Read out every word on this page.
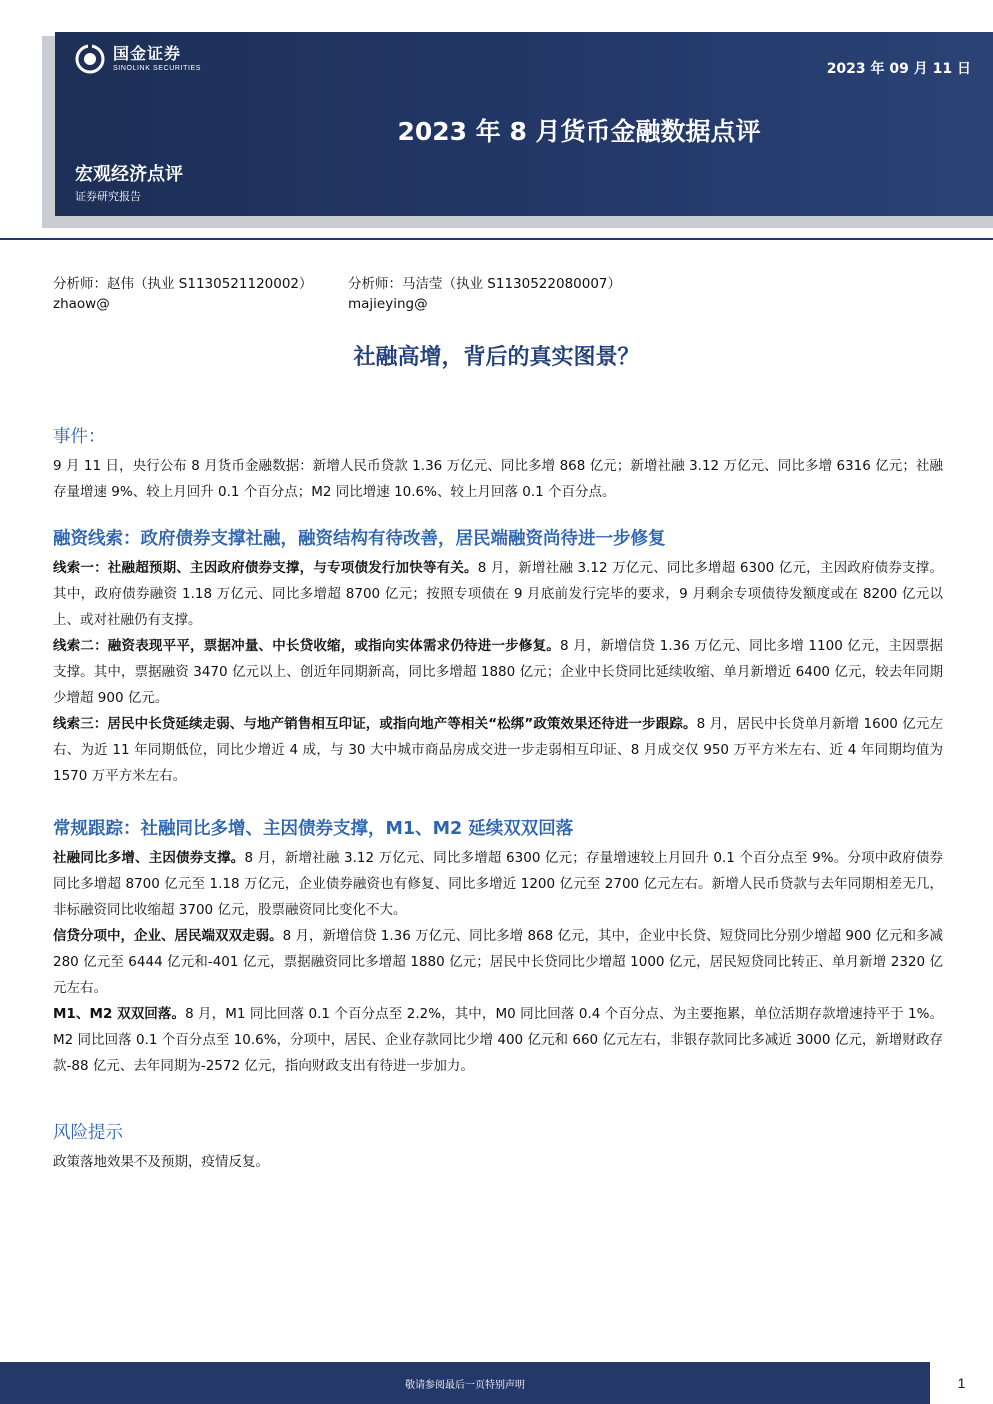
国金证券
SINOLINK SECURITIES	2023 年 09 月 11 日
2023 年 8 月货币金融数据点评
宏观经济点评
证券研究报告
分析师：赵伟（执业 S1130521120002）
zhaow@
分析师：马洁莹（执业 S1130522080007）
majieying@
社融高增，背后的真实图景？
事件：

9 月 11 日，央行公布 8 月货币金融数据：新增人民币贷款 1.36 万亿元、同比多增 868 亿元；新增社融 3.12 万亿元、同比多增 6316 亿元；社融存量增速 9%、较上月回升 0.1 个百分点；M2 同比增速 10.6%、较上月回落 0.1 个百分点。

融资线索：政府债券支撑社融，融资结构有待改善，居民端融资尚待进一步修复

线索一：社融超预期、主因政府债券支撑，与专项债发行加快等有关。8 月，新增社融 3.12 万亿元、同比多增超 6300 亿元，主因政府债券支撑。其中，政府债券融资 1.18 万亿元、同比多增超 8700 亿元；按照专项债在 9 月底前发行完毕的要求，9 月剩余专项债待发额度或在 8200 亿元以上、或对社融仍有支撑。

线索二：融资表现平平，票据冲量、中长贷收缩，或指向实体需求仍待进一步修复。8 月，新增信贷 1.36 万亿元、同比多增 1100 亿元，主因票据支撑。其中，票据融资 3470 亿元以上、创近年同期新高，同比多增超 1880 亿元；企业中长贷同比延续收缩、单月新增近 6400 亿元，较去年同期少增超 900 亿元。

线索三：居民中长贷延续走弱、与地产销售相互印证，或指向地产等相关“松绑”政策效果还待进一步跟踪。8 月，居民中长贷单月新增 1600 亿元左右、为近 11 年同期低位，同比少增近 4 成，与 30 大中城市商品房成交进一步走弱相互印证、8 月成交仅 950 万平方米左右、近 4 年同期均值为 1570 万平方米左右。

常规跟踪：社融同比多增、主因债券支撑，M1、M2 延续双双回落

社融同比多增、主因债券支撑。8 月，新增社融 3.12 万亿元、同比多增超 6300 亿元；存量增速较上月回升 0.1 个百分点至 9%。分项中政府债券同比多增超 8700 亿元至 1.18 万亿元，企业债券融资也有修复、同比多增近 1200 亿元至 2700 亿元左右。新增人民币贷款与去年同期相差无几，非标融资同比收缩超 3700 亿元，股票融资同比变化不大。

信贷分项中，企业、居民端双双走弱。8 月，新增信贷 1.36 万亿元、同比多增 868 亿元，其中，企业中长贷、短贷同比分别少增超 900 亿元和多减 280 亿元至 6444 亿元和-401 亿元，票据融资同比多增超 1880 亿元；居民中长贷同比少增超 1000 亿元，居民短贷同比转正、单月新增 2320 亿元左右。

M1、M2 双双回落。8 月，M1 同比回落 0.1 个百分点至 2.2%，其中，M0 同比回落 0.4 个百分点、为主要拖累，单位活期存款增速持平于 1%。M2 同比回落 0.1 个百分点至 10.6%，分项中，居民、企业存款同比少增 400 亿元和 660 亿元左右，非银存款同比多减近 3000 亿元，新增财政存款-88 亿元、去年同期为-2572 亿元，指向财政支出有待进一步加力。

风险提示

政策落地效果不及预期，疫情反复。

敬请参阅最后一页特别声明	1
